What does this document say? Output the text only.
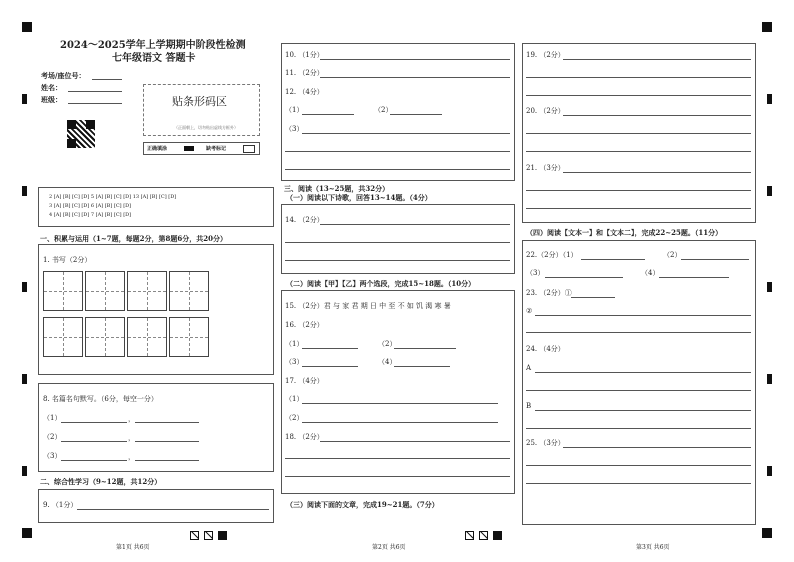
2024～2025学年上学期期中阶段性检测
七年级语文 答题卡
考场/座位号：
姓名：
班级：	贴条形码区
（正面朝上，切勿贴出虚线方框外）
正确填涂	缺考标记
2 [A] [B] [C] [D] 5 [A] [B] [C] [D] 13 [A] [B] [C] [D]
3 [A] [B] [C] [D] 6 [A] [B] [C] [D]
4 [A] [B] [C] [D] 7 [A] [B] [C] [D]
一、积累与运用（1~7题，每题2分，第8题6分，共20分）
1. 书写（2分）
8. 名篇名句默写。（6分，每空一分）
（1）	，
（2）	，
（3）	，
二、综合性学习（9~12题，共12分）
9. （1分）
第1页 共6页
10. （1分）
11. （2分）
12. （4分）
（1）	（2）
（3）
三、阅读（13~25题，共32分）
（一）阅读以下诗歌，回答13~14题。（4分）
14. （2分）
（二）阅读【甲】【乙】两个选段，完成15~18题。（10分）
15. （2分）君 与 家 君 期 日 中 至 不 如 饥 渴 寒 暑
16. （2分）
（1）	（2）
（3）	（4）
17. （4分）
（1）
（2）
18. （2分）
（三）阅读下面的文章，完成19~21题。（7分）
第2页 共6页
19. （2分）
20. （2分）
21. （3分）
（四）阅读【文本一】和【文本二】，完成22~25题。（11分）
22.（2分）（1）	（2）
（3）	（4）
23. （2分）①
②
24. （4分）
A
B
25. （3分）
第3页 共6页
